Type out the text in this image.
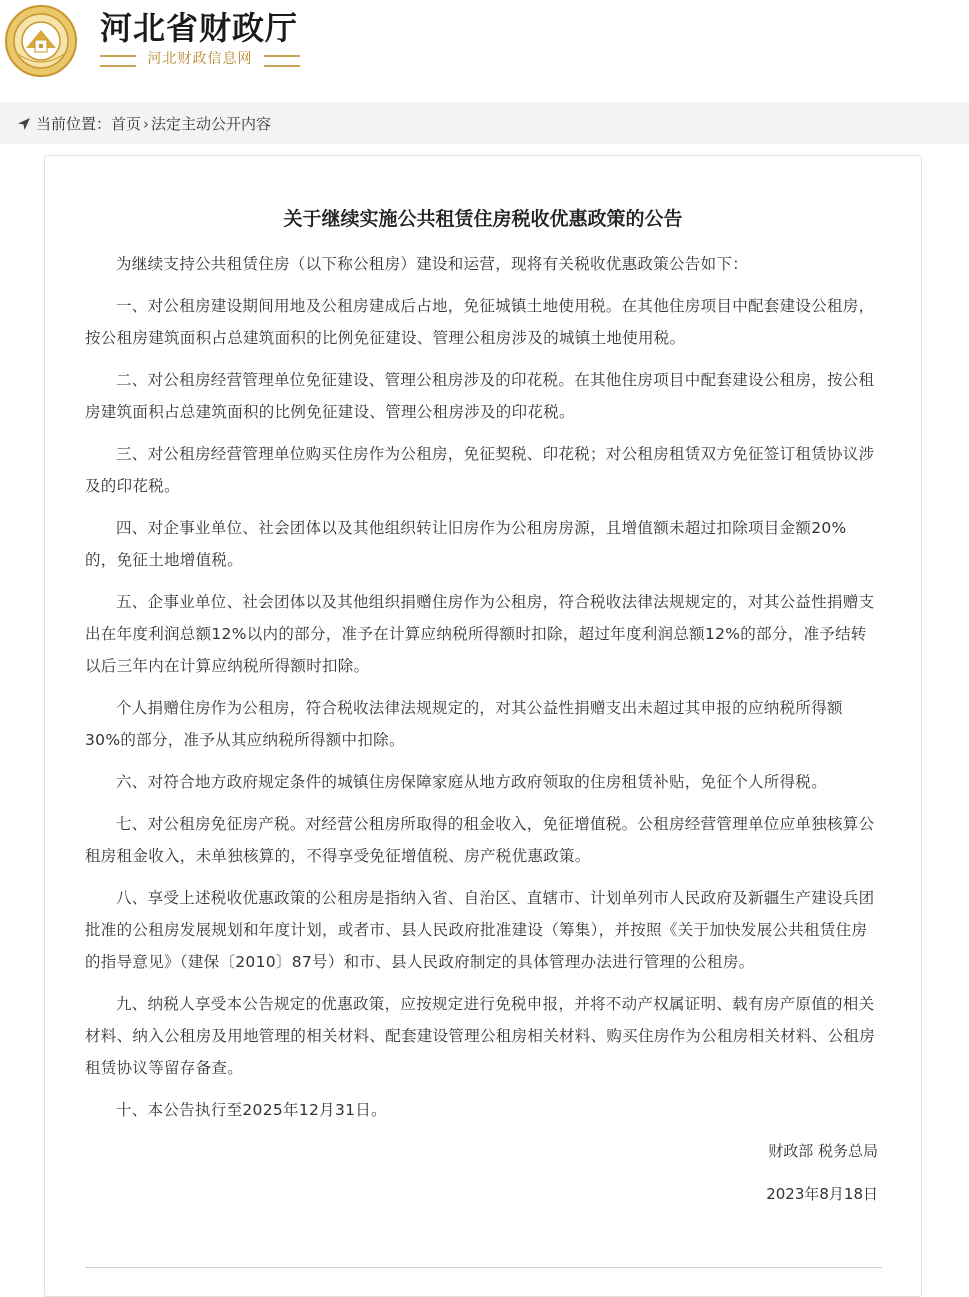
河北省财政厅
河北财政信息网
当前位置： 首页 › 法定主动公开内容
关于继续实施公共租赁住房税收优惠政策的公告

为继续支持公共租赁住房（以下称公租房）建设和运营，现将有关税收优惠政策公告如下：

一、对公租房建设期间用地及公租房建成后占地，免征城镇土地使用税。在其他住房项目中配套建设公租房，按公租房建筑面积占总建筑面积的比例免征建设、管理公租房涉及的城镇土地使用税。

二、对公租房经营管理单位免征建设、管理公租房涉及的印花税。在其他住房项目中配套建设公租房，按公租房建筑面积占总建筑面积的比例免征建设、管理公租房涉及的印花税。

三、对公租房经营管理单位购买住房作为公租房，免征契税、印花税；对公租房租赁双方免征签订租赁协议涉及的印花税。

四、对企事业单位、社会团体以及其他组织转让旧房作为公租房房源，且增值额未超过扣除项目金额20%的，免征土地增值税。

五、企事业单位、社会团体以及其他组织捐赠住房作为公租房，符合税收法律法规规定的，对其公益性捐赠支出在年度利润总额12%以内的部分，准予在计算应纳税所得额时扣除，超过年度利润总额12%的部分，准予结转以后三年内在计算应纳税所得额时扣除。

个人捐赠住房作为公租房，符合税收法律法规规定的，对其公益性捐赠支出未超过其申报的应纳税所得额30%的部分，准予从其应纳税所得额中扣除。

六、对符合地方政府规定条件的城镇住房保障家庭从地方政府领取的住房租赁补贴，免征个人所得税。

七、对公租房免征房产税。对经营公租房所取得的租金收入，免征增值税。公租房经营管理单位应单独核算公租房租金收入，未单独核算的，不得享受免征增值税、房产税优惠政策。

八、享受上述税收优惠政策的公租房是指纳入省、自治区、直辖市、计划单列市人民政府及新疆生产建设兵团批准的公租房发展规划和年度计划，或者市、县人民政府批准建设（筹集），并按照《关于加快发展公共租赁住房的指导意见》（建保〔2010〕87号）和市、县人民政府制定的具体管理办法进行管理的公租房。

九、纳税人享受本公告规定的优惠政策，应按规定进行免税申报，并将不动产权属证明、载有房产原值的相关材料、纳入公租房及用地管理的相关材料、配套建设管理公租房相关材料、购买住房作为公租房相关材料、公租房租赁协议等留存备查。

十、本公告执行至2025年12月31日。

财政部 税务总局
2023年8月18日
